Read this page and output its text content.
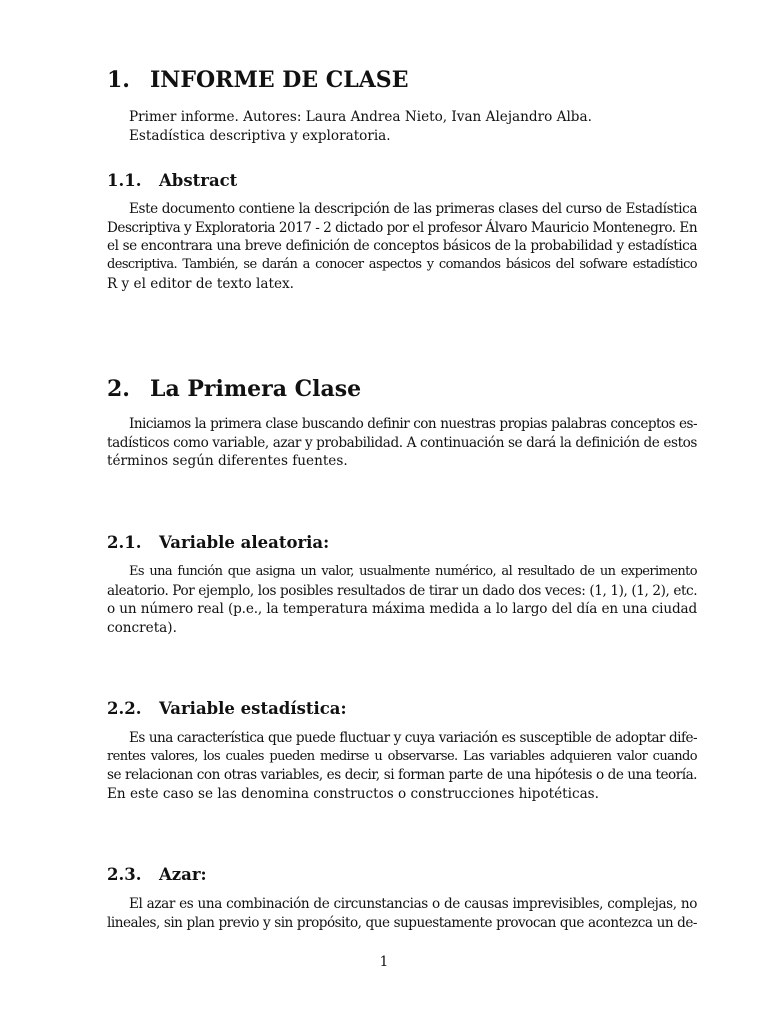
1. INFORME DE CLASE
Primer informe. Autores: Laura Andrea Nieto, Ivan Alejandro Alba.
Estadística descriptiva y exploratoria.
1.1. Abstract
Este documento contiene la descripción de las primeras clases del curso de Estadística
Descriptiva y Exploratoria 2017 - 2 dictado por el profesor Álvaro Mauricio Montenegro. En
el se encontrara una breve definición de conceptos básicos de la probabilidad y estadística
descriptiva. También, se darán a conocer aspectos y comandos básicos del sofware estadístico
R y el editor de texto latex.
2. La Primera Clase
Iniciamos la primera clase buscando definir con nuestras propias palabras conceptos es-
tadísticos como variable, azar y probabilidad. A continuación se dará la definición de estos
términos según diferentes fuentes.
2.1. Variable aleatoria:
Es una función que asigna un valor, usualmente numérico, al resultado de un experimento
aleatorio. Por ejemplo, los posibles resultados de tirar un dado dos veces: (1, 1), (1, 2), etc.
o un número real (p.e., la temperatura máxima medida a lo largo del día en una ciudad
concreta).
2.2. Variable estadística:
Es una característica que puede fluctuar y cuya variación es susceptible de adoptar dife-
rentes valores, los cuales pueden medirse u observarse. Las variables adquieren valor cuando
se relacionan con otras variables, es decir, si forman parte de una hipótesis o de una teoría.
En este caso se las denomina constructos o construcciones hipotéticas.
2.3. Azar:
El azar es una combinación de circunstancias o de causas imprevisibles, complejas, no
lineales, sin plan previo y sin propósito, que supuestamente provocan que acontezca un de-
1
